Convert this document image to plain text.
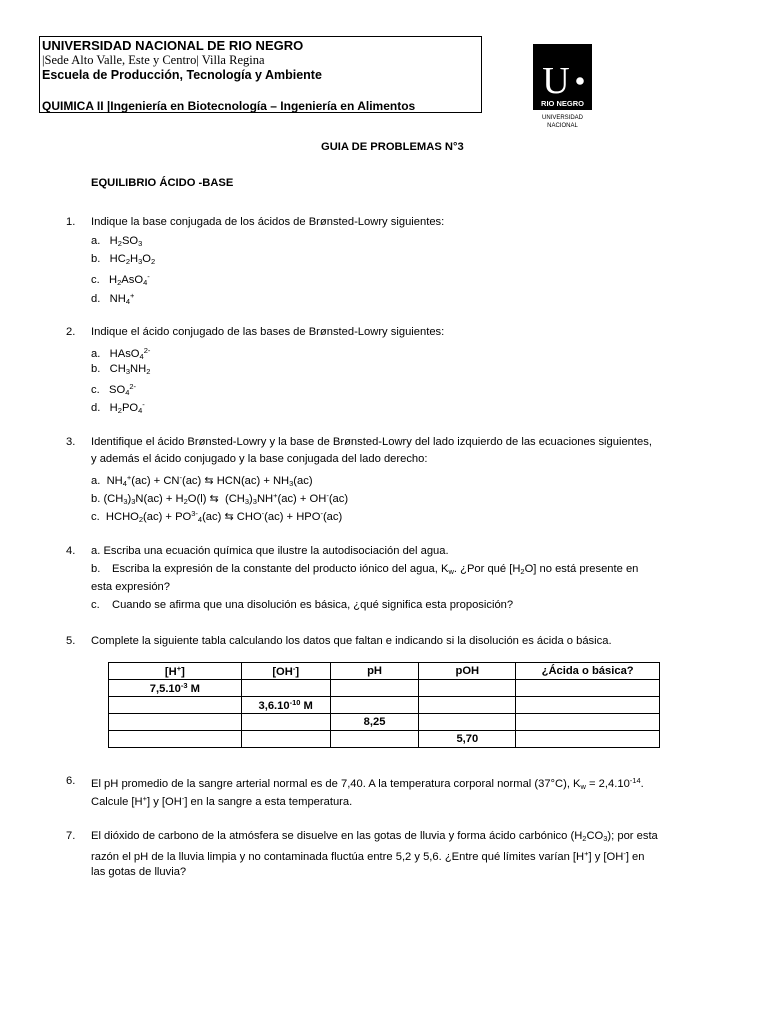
UNIVERSIDAD NACIONAL DE RIO NEGRO
|Sede Alto Valle, Este y Centro| Villa Regina
Escuela de Producción, Tecnología y Ambiente
QUIMICA II |Ingeniería en Biotecnología – Ingeniería en Alimentos
U
RIO NEGRO
UNIVERSIDAD
NACIONAL
GUIA DE PROBLEMAS N°3
EQUILIBRIO ÁCIDO -BASE
1. Indique la base conjugada de los ácidos de Brønsted-Lowry siguientes:
a. $H_2SO_3$
b. $HC_2H_3O_2$
c. $H_2AsO_4^-$
d. $NH_4^+$
2. Indique el ácido conjugado de las bases de Brønsted-Lowry siguientes:
a. HAsO$_4^{2-}$
b. $CH_3NH_2$
c. $SO_4^{2-}$
d. $H_2PO_4^-$
3. Identifique el ácido Brønsted-Lowry y la base de Brønsted-Lowry del lado izquierdo de las ecuaciones siguientes,
y además el ácido conjugado y la base conjugada del lado derecho:
a. $NH_4^+(ac) + CN^-(ac)$ ⇆ $HCN(ac) + NH_3(ac)$
b. $(CH_3)_3N(ac) + H_2O(l)$ ⇆ $(CH_3)_3NH^+(ac) + OH^-(ac)$
c. $HCHO_2(ac) + PO^{3-}_4(ac)$ ⇆ CHO-(ac) + HPO-(ac)
4. a. Escriba una ecuación química que ilustre la autodisociación del agua.
b. Escriba la expresión de la constante del producto iónico del agua, $K_w$. ¿Por qué $[H_2O]$ no está presente en
esta expresión?
c. Cuando se afirma que una disolución es básica, ¿qué significa esta proposición?
5. Complete la siguiente tabla calculando los datos que faltan e indicando si la disolución es ácida o básica.
[H+]	[OH-]	pH	pOH	¿Ácida o básica?
$7,5.10^{-3}$ M				
	$3,6.10^{-10}$ M			
		8,25		
			5,70	
6. El pH promedio de la sangre arterial normal es de 7,40. A la temperatura corporal normal (37°C), $K_w = 2,4.10^{-14}$.
Calcule [H+] y [OH-] en la sangre a esta temperatura.
7. El dióxido de carbono de la atmósfera se disuelve en las gotas de lluvia y forma ácido carbónico $(H_2CO_3)$; por esta
razón el pH de la lluvia limpia y no contaminada fluctúa entre 5,2 y 5,6. ¿Entre qué límites varían [H+] y [OH-] en
las gotas de lluvia?
